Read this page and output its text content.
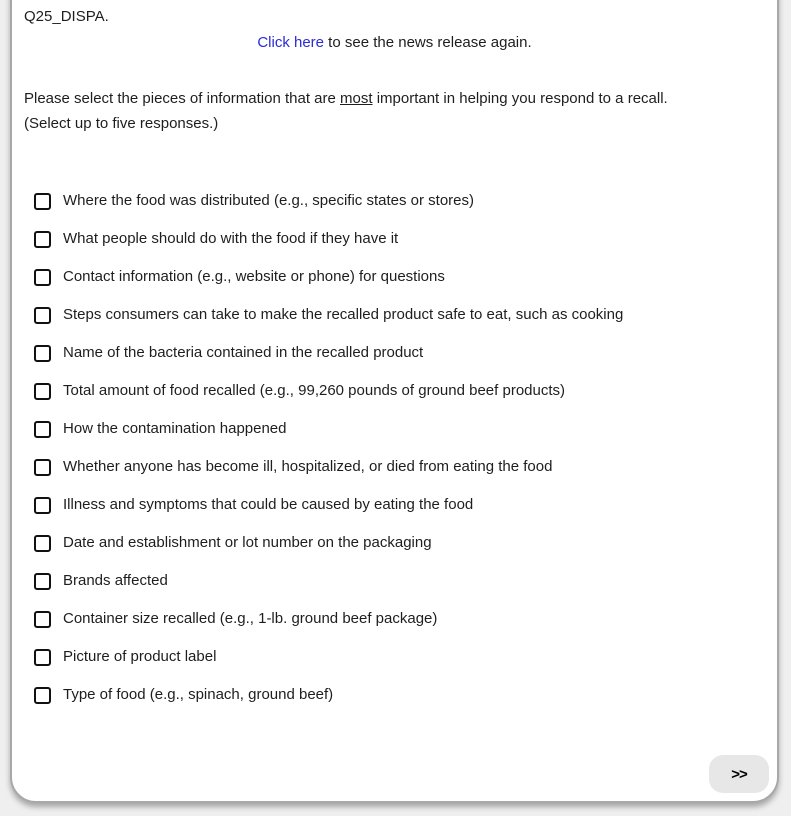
Q25_DISPA.
Click here to see the news release again.
Please select the pieces of information that are most important in helping you respond to a recall.
(Select up to five responses.)
Where the food was distributed (e.g., specific states or stores)
What people should do with the food if they have it
Contact information (e.g., website or phone) for questions
Steps consumers can take to make the recalled product safe to eat, such as cooking
Name of the bacteria contained in the recalled product
Total amount of food recalled (e.g., 99,260 pounds of ground beef products)
How the contamination happened
Whether anyone has become ill, hospitalized, or died from eating the food
Illness and symptoms that could be caused by eating the food
Date and establishment or lot number on the packaging
Brands affected
Container size recalled (e.g., 1-lb. ground beef package)
Picture of product label
Type of food (e.g., spinach, ground beef)
>>
